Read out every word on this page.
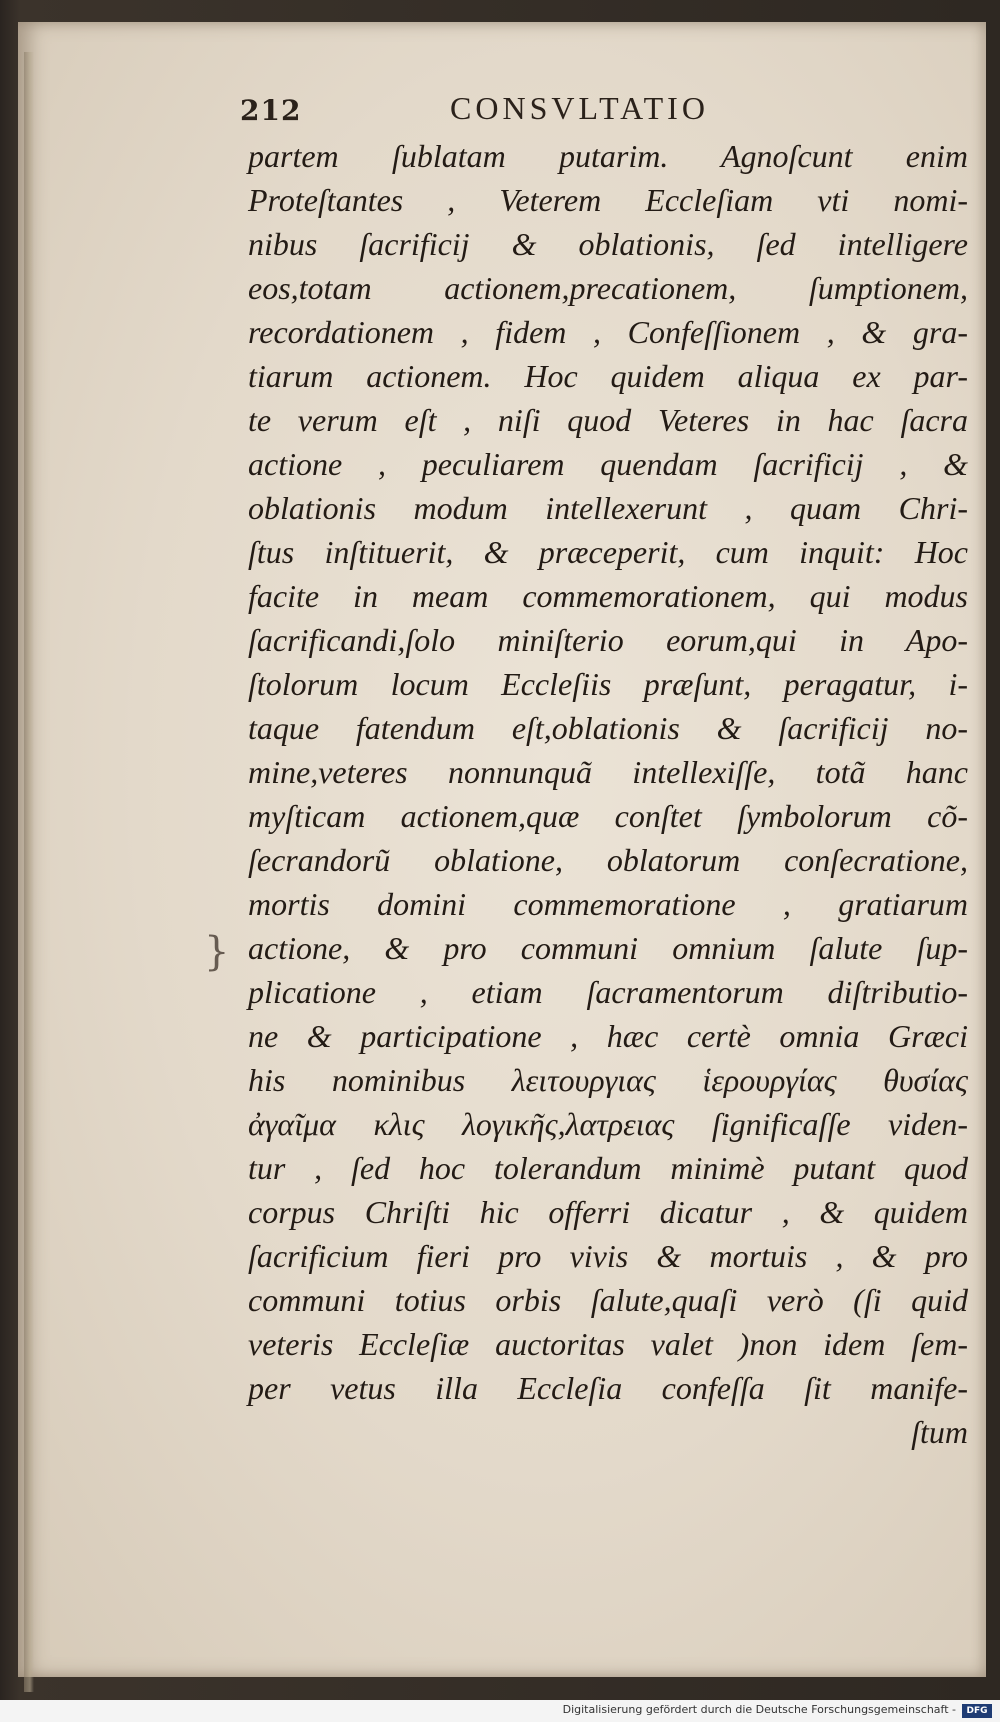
212	CONSVLTATIO
}
partem ſublatam putarim. Agnoſcunt enim
Proteſtantes , Veterem Eccleſiam vti nomi-
nibus ſacrificij & oblationis, ſed intelligere
eos,totam actionem,precationem, ſumptionem,
recordationem , fidem , Confeſſionem , & gra-
tiarum actionem. Hoc quidem aliqua ex par-
te verum eſt , niſi quod Veteres in hac ſacra
actione , peculiarem quendam ſacrificij , &
oblationis modum intellexerunt , quam Chri-
ſtus inſtituerit, & præceperit, cum inquit: Hoc
facite in meam commemorationem, qui modus
ſacrificandi,ſolo miniſterio eorum,qui in Apo-
ſtolorum locum Eccleſiis præſunt, peragatur, i-
taque fatendum eſt,oblationis & ſacrificij no-
mine,veteres nonnunquã intellexiſſe, totã hanc
myſticam actionem,quæ conſtet ſymbolorum cõ-
ſecrandorũ oblatione, oblatorum conſecratione,
mortis domini commemoratione , gratiarum
actione, & pro communi omnium ſalute ſup-
plicatione , etiam ſacramentorum diſtributio-
ne & participatione , hæc certè omnia Græci
his nominibus λειτουργιας ἱερουργίας θυσίας
ἀγαῖμα κλις λογικῆς,λατρειας ſignificaſſe viden-
tur , ſed hoc tolerandum minimè putant quod
corpus Chriſti hic offerri dicatur , & quidem
ſacrificium fieri pro vivis & mortuis , & pro
communi totius orbis ſalute,quaſi verò (ſi quid
veteris Eccleſiæ auctoritas valet )non idem ſem-
per vetus illa Eccleſia confeſſa ſit manife-
ſtum
Digitalisierung gefördert durch die Deutsche Forschungsgemeinschaft -	DFG
